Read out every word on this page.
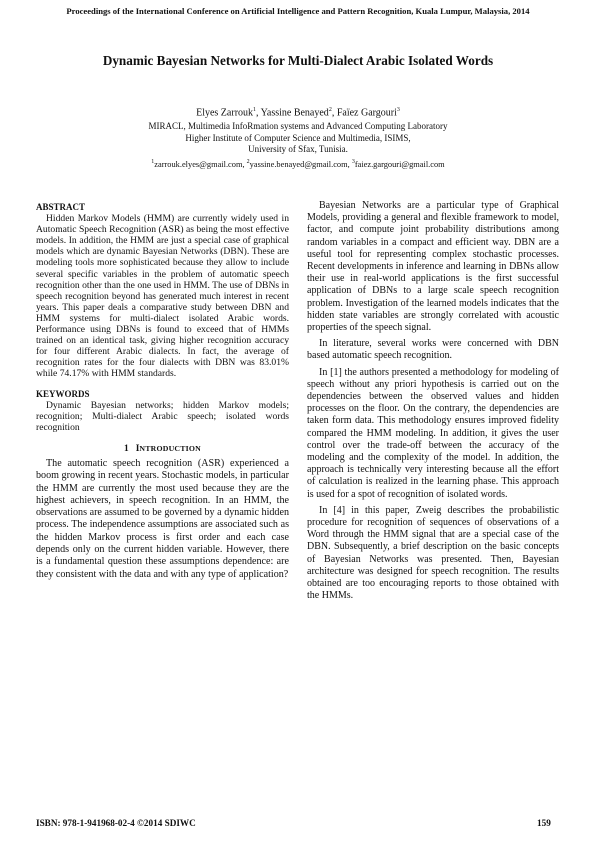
Proceedings of the International Conference on Artificial Intelligence and Pattern Recognition, Kuala Lumpur, Malaysia, 2014
Dynamic Bayesian Networks for Multi-Dialect Arabic Isolated Words
Elyes Zarrouk$^1$, Yassine Benayed$^2$, Faïez Gargouri$^3$
MIRACL, Multimedia InfoRmation systems and Advanced Computing Laboratory
Higher Institute of Computer Science and Multimedia, ISIMS,
University of Sfax, Tunisia.
$^1$zarrouk.elyes@gmail.com, $^2$yassine.benayed@gmail.com, $^3$faiez.gargouri@gmail.com
ABSTRACT

Hidden Markov Models (HMM) are currently widely used in Automatic Speech Recognition (ASR) as being the most effective models. In addition, the HMM are just a special case of graphical models which are dynamic Bayesian Networks (DBN). These are modeling tools more sophisticated because they allow to include several specific variables in the problem of automatic speech recognition other than the one used in HMM. The use of DBNs in speech recognition beyond has generated much interest in recent years. This paper deals a comparative study between DBN and HMM systems for multi-dialect isolated Arabic words. Performance using DBNs is found to exceed that of HMMs trained on an identical task, giving higher recognition accuracy for four different Arabic dialects. In fact, the average of recognition rates for the four dialects with DBN was 83.01% while 74.17% with HMM standards.

KEYWORDS

Dynamic Bayesian networks; hidden Markov models; recognition; Multi-dialect Arabic speech; isolated words recognition

1 INTRODUCTION

The automatic speech recognition (ASR) experienced a boom growing in recent years. Stochastic models, in particular the HMM are currently the most used because they are the highest achievers, in speech recognition. In an HMM, the observations are assumed to be governed by a dynamic hidden process. The independence assumptions are associated such as the hidden Markov process is first order and each case depends only on the current hidden variable. However, there is a fundamental question these assumptions dependence: are they consistent with the data and with any type of application?

Bayesian Networks are a particular type of Graphical Models, providing a general and flexible framework to model, factor, and compute joint probability distributions among random variables in a compact and efficient way. DBN are a useful tool for representing complex stochastic processes. Recent developments in inference and learning in DBNs allow their use in real-world applications is the first successful application of DBNs to a large scale speech recognition problem. Investigation of the learned models indicates that the hidden state variables are strongly correlated with acoustic properties of the speech signal.

In literature, several works were concerned with DBN based automatic speech recognition.

In [1] the authors presented a methodology for modeling of speech without any priori hypothesis is carried out on the dependencies between the observed values and hidden processes on the floor. On the contrary, the dependencies are taken form data. This methodology ensures improved fidelity compared the HMM modeling. In addition, it gives the user control over the trade-off between the accuracy of the modeling and the complexity of the model. In addition, the approach is technically very interesting because all the effort of calculation is realized in the learning phase. This approach is used for a spot of recognition of isolated words.

In [4] in this paper, Zweig describes the probabilistic procedure for recognition of sequences of observations of a Word through the HMM signal that are a special case of the DBN. Subsequently, a brief description on the basic concepts of Bayesian Networks was presented. Then, Bayesian architecture was designed for speech recognition. The results obtained are too encouraging reports to those obtained with the HMMs.

ISBN: 978-1-941968-02-4 ©2014 SDIWC	159
